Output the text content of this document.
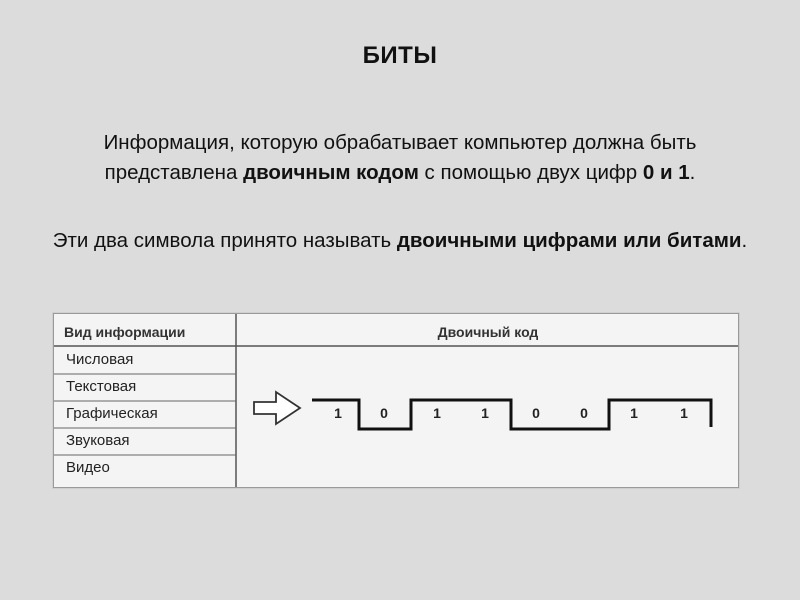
БИТЫ
Информация, которую обрабатывает компьютер должна быть представлена двоичным кодом с помощью двух цифр 0 и 1.
Эти два символа принято называть двоичными цифрами или битами.
Вид информации	Двоичный код
Числовая
Текстовая
Графическая
Звуковая
Видео
1	0	1	1	0	0	1	1
